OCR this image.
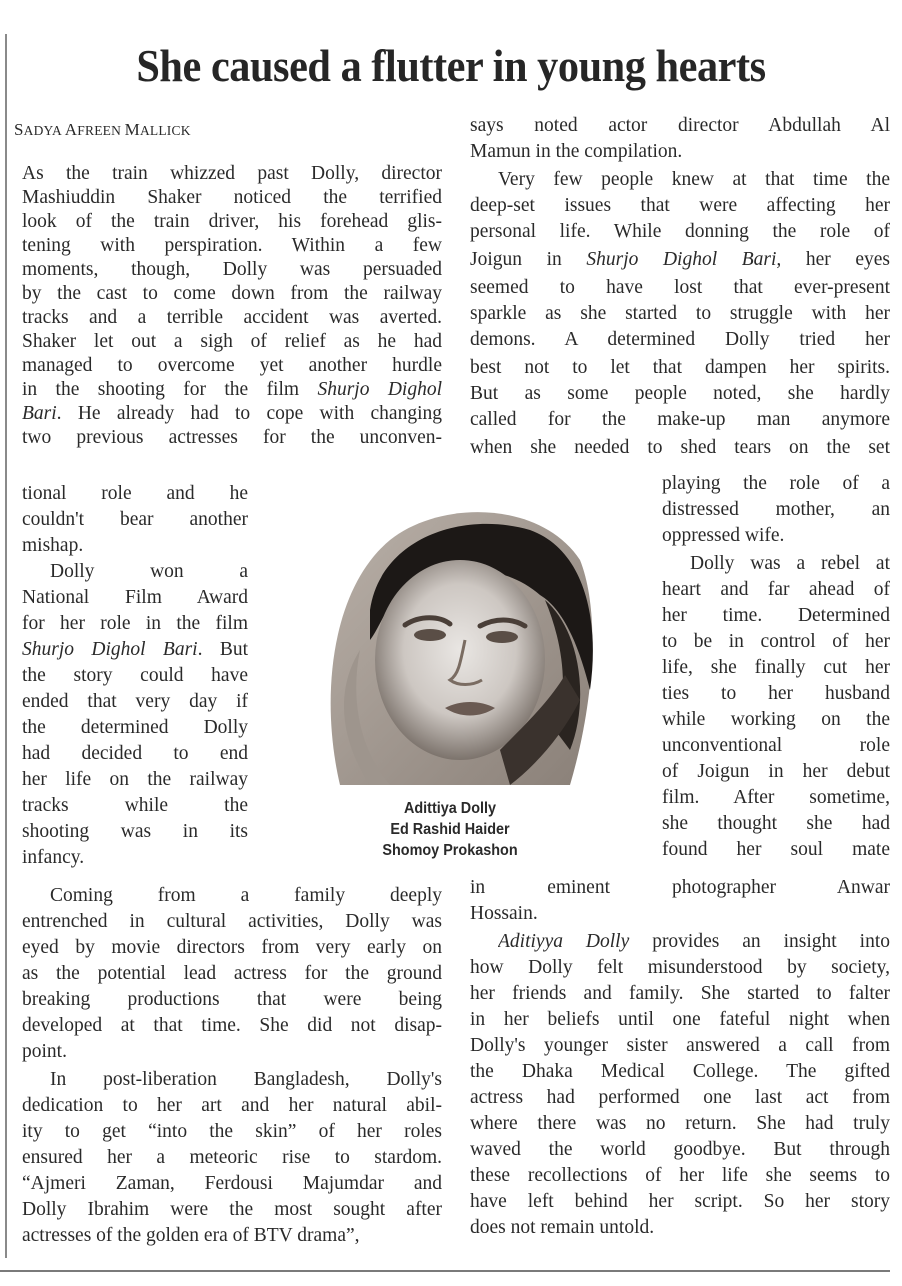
She caused a flutter in young hearts
SADYA AFREEN MALLICK
As the train whizzed past Dolly, director
Mashiuddin Shaker noticed the terrified
look of the train driver, his forehead glis-
tening with perspiration. Within a few
moments, though, Dolly was persuaded
by the cast to come down from the railway
tracks and a terrible accident was averted.
Shaker let out a sigh of relief as he had
managed to overcome yet another hurdle
in the shooting for the film Shurjo Dighol
Bari. He already had to cope with changing
two previous actresses for the unconven-
tional role and he
couldn't bear another
mishap.
Dolly won a
National Film Award
for her role in the film
Shurjo Dighol Bari. But
the story could have
ended that very day if
the determined Dolly
had decided to end
her life on the railway
tracks while the
shooting was in its
infancy.
Coming from a family deeply
entrenched in cultural activities, Dolly was
eyed by movie directors from very early on
as the potential lead actress for the ground
breaking productions that were being
developed at that time. She did not disap-
point.
In post-liberation Bangladesh, Dolly's
dedication to her art and her natural abil-
ity to get “into the skin” of her roles
ensured her a meteoric rise to stardom.
“Ajmeri Zaman, Ferdousi Majumdar and
Dolly Ibrahim were the most sought after
actresses of the golden era of BTV drama”,
says noted actor director Abdullah Al
Mamun in the compilation.
Very few people knew at that time the
deep-set issues that were affecting her
personal life. While donning the role of
Joigun in Shurjo Dighol Bari, her eyes
seemed to have lost that ever-present
sparkle as she started to struggle with her
demons. A determined Dolly tried her
best not to let that dampen her spirits.
But as some people noted, she hardly
called for the make-up man anymore
when she needed to shed tears on the set
playing the role of a
distressed mother, an
oppressed wife.
Dolly was a rebel at
heart and far ahead of
her time. Determined
to be in control of her
life, she finally cut her
ties to her husband
while working on the
unconventional role
of Joigun in her debut
film. After sometime,
she thought she had
found her soul mate
in eminent photographer Anwar
Hossain.
Aditiyya Dolly provides an insight into
how Dolly felt misunderstood by society,
her friends and family. She started to falter
in her beliefs until one fateful night when
Dolly's younger sister answered a call from
the Dhaka Medical College. The gifted
actress had performed one last act from
where there was no return. She had truly
waved the world goodbye. But through
these recollections of her life she seems to
have left behind her script. So her story
does not remain untold.
Adittiya Dolly
Ed Rashid Haider
Shomoy Prokashon
